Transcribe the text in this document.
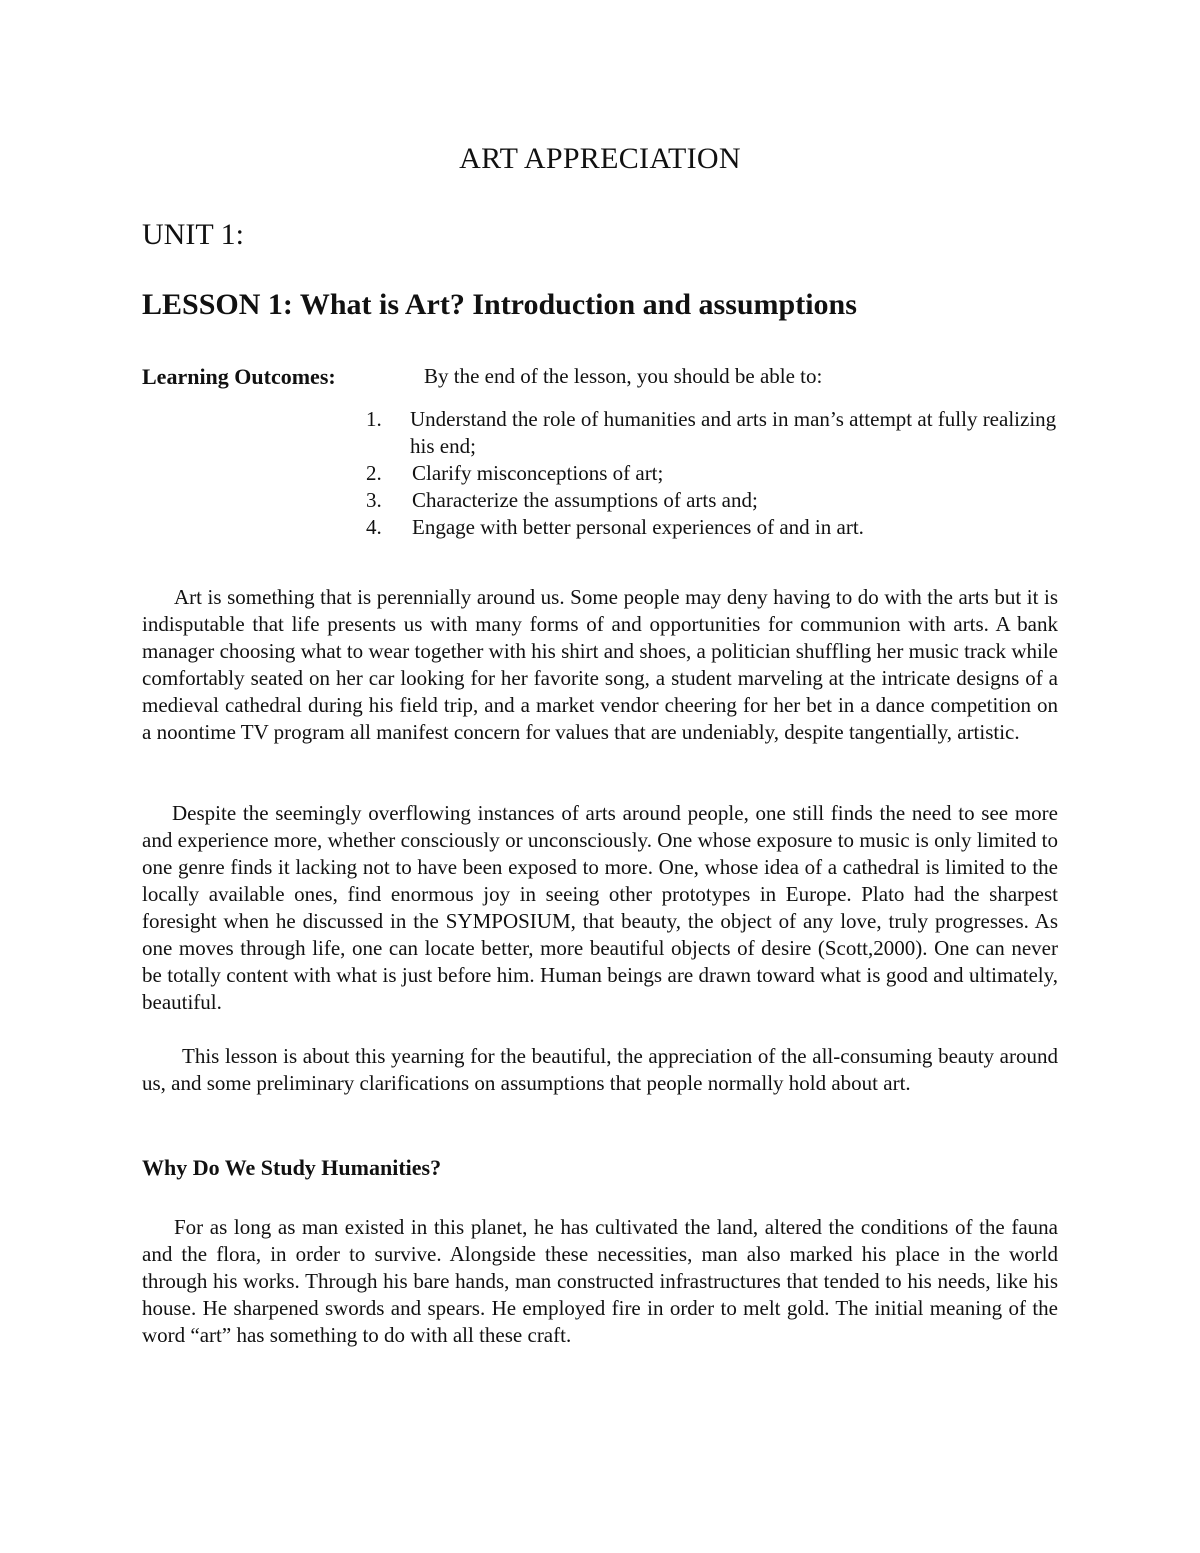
ART APPRECIATION
UNIT 1:
LESSON 1: What is Art? Introduction and assumptions
Learning Outcomes:	By the end of the lesson, you should be able to:
1. Understand the role of humanities and arts in man’s attempt at fully realizing his end;
2. Clarify misconceptions of art;
3. Characterize the assumptions of arts and;
4. Engage with better personal experiences of and in art.

Art is something that is perennially around us. Some people may deny having to do with the arts but it is indisputable that life presents us with many forms of and opportunities for communion with arts. A bank manager choosing what to wear together with his shirt and shoes, a politician shuffling her music track while comfortably seated on her car looking for her favorite song, a student marveling at the intricate designs of a medieval cathedral during his field trip, and a market vendor cheering for her bet in a dance competition on a noontime TV program all manifest concern for values that are undeniably, despite tangentially, artistic.

Despite the seemingly overflowing instances of arts around people, one still finds the need to see more and experience more, whether consciously or unconsciously. One whose exposure to music is only limited to one genre finds it lacking not to have been exposed to more. One, whose idea of a cathedral is limited to the locally available ones, find enormous joy in seeing other prototypes in Europe. Plato had the sharpest foresight when he discussed in the SYMPOSIUM, that beauty, the object of any love, truly progresses. As one moves through life, one can locate better, more beautiful objects of desire (Scott,2000). One can never be totally content with what is just before him. Human beings are drawn toward what is good and ultimately, beautiful.

This lesson is about this yearning for the beautiful, the appreciation of the all-consuming beauty around us, and some preliminary clarifications on assumptions that people normally hold about art.

Why Do We Study Humanities?

For as long as man existed in this planet, he has cultivated the land, altered the conditions of the fauna and the flora, in order to survive. Alongside these necessities, man also marked his place in the world through his works. Through his bare hands, man constructed infrastructures that tended to his needs, like his house. He sharpened swords and spears. He employed fire in order to melt gold. The initial meaning of the word “art” has something to do with all these craft.
